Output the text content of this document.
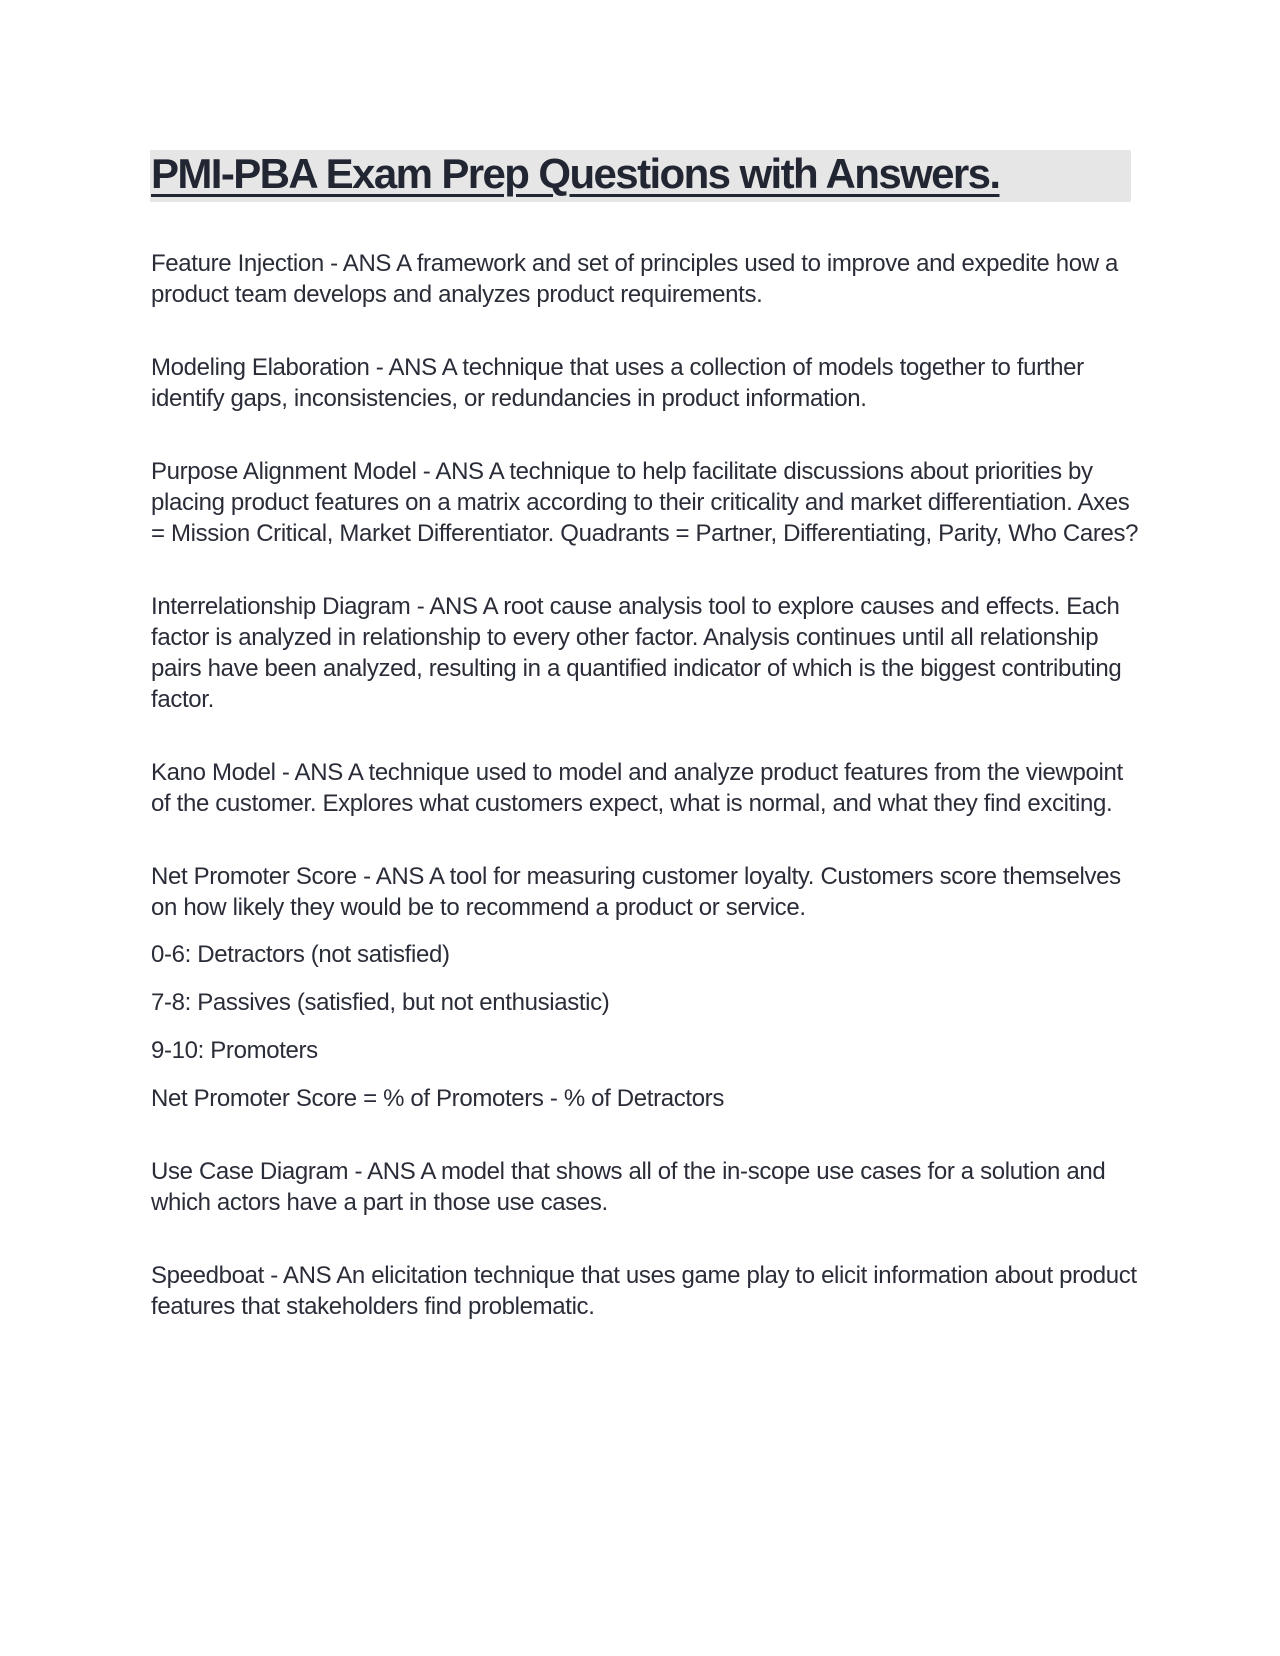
PMI-PBA Exam Prep Questions with Answers.

Feature Injection - ANS A framework and set of principles used to improve and expedite how a product team develops and analyzes product requirements.

Modeling Elaboration - ANS A technique that uses a collection of models together to further identify gaps, inconsistencies, or redundancies in product information.

Purpose Alignment Model - ANS A technique to help facilitate discussions about priorities by placing product features on a matrix according to their criticality and market differentiation. Axes = Mission Critical, Market Differentiator. Quadrants = Partner, Differentiating, Parity, Who Cares?

Interrelationship Diagram - ANS A root cause analysis tool to explore causes and effects. Each factor is analyzed in relationship to every other factor. Analysis continues until all relationship pairs have been analyzed, resulting in a quantified indicator of which is the biggest contributing factor.

Kano Model - ANS A technique used to model and analyze product features from the viewpoint of the customer. Explores what customers expect, what is normal, and what they find exciting.

Net Promoter Score - ANS A tool for measuring customer loyalty. Customers score themselves on how likely they would be to recommend a product or service.

0-6: Detractors (not satisfied)

7-8: Passives (satisfied, but not enthusiastic)

9-10: Promoters

Net Promoter Score = % of Promoters - % of Detractors

Use Case Diagram - ANS A model that shows all of the in-scope use cases for a solution and which actors have a part in those use cases.

Speedboat - ANS An elicitation technique that uses game play to elicit information about product features that stakeholders find problematic.
